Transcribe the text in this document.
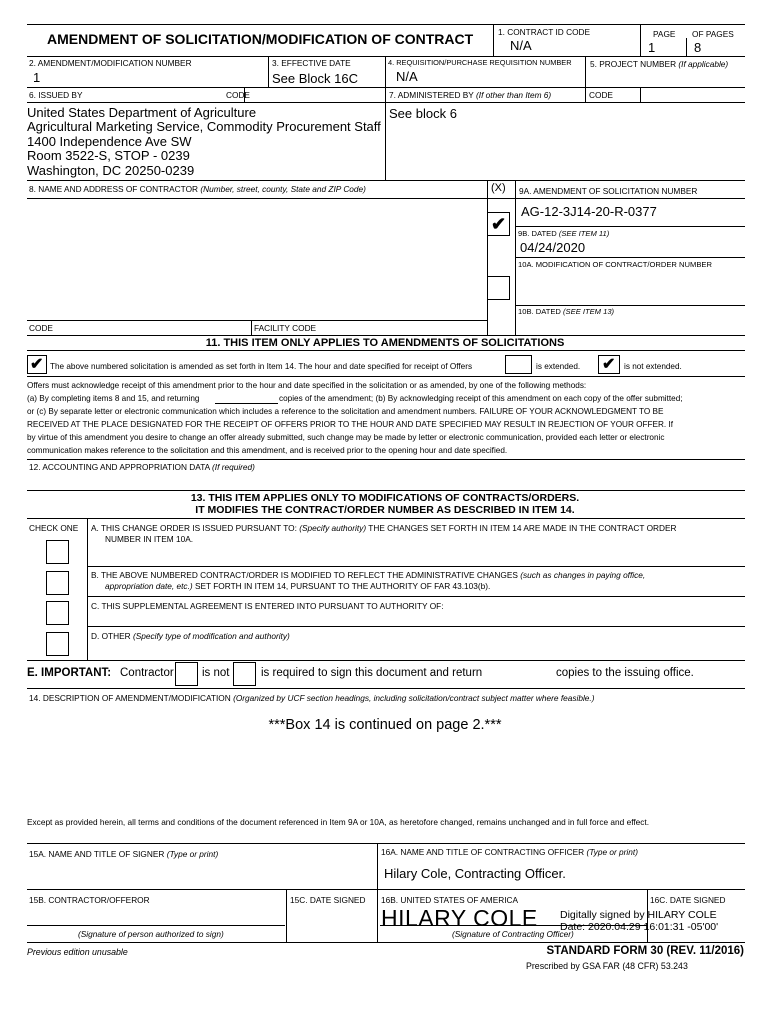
AMENDMENT OF SOLICITATION/MODIFICATION OF CONTRACT	1. CONTRACT ID CODE
N/A
PAGE OF PAGES
1	8
2. AMENDMENT/MODIFICATION NUMBER
1
3. EFFECTIVE DATE
See Block 16C
4. REQUISITION/PURCHASE REQUISITION NUMBER
N/A
5. PROJECT NUMBER (If applicable)
6. ISSUED BY	CODE	7. ADMINISTERED BY (If other than Item 6)	CODE
United States Department of Agriculture
Agricultural Marketing Service, Commodity Procurement Staff
1400 Independence Ave SW
Room 3522-S, STOP - 0239
Washington, DC 20250-0239
See block 6
8. NAME AND ADDRESS OF CONTRACTOR (Number, street, county, State and ZIP Code)	(X) 9A. AMENDMENT OF SOLICITATION NUMBER
AG-12-3J14-20-R-0377
✔ 9B. DATED (SEE ITEM 11)
04/24/2020
10A. MODIFICATION OF CONTRACT/ORDER NUMBER
10B. DATED (SEE ITEM 13)
CODE	FACILITY CODE
11. THIS ITEM ONLY APPLIES TO AMENDMENTS OF SOLICITATIONS
✔ The above numbered solicitation is amended as set forth in Item 14. The hour and date specified for receipt of Offers	is extended. ✔ is not extended.
Offers must acknowledge receipt of this amendment prior to the hour and date specified in the solicitation or as amended, by one of the following methods:
(a) By completing items 8 and 15, and returning	copies of the amendment; (b) By acknowledging receipt of this amendment on each copy of the offer submitted;
or (c) By separate letter or electronic communication which includes a reference to the solicitation and amendment numbers. FAILURE OF YOUR ACKNOWLEDGMENT TO BE
RECEIVED AT THE PLACE DESIGNATED FOR THE RECEIPT OF OFFERS PRIOR TO THE HOUR AND DATE SPECIFIED MAY RESULT IN REJECTION OF YOUR OFFER. If
by virtue of this amendment you desire to change an offer already submitted, such change may be made by letter or electronic communication, provided each letter or electronic
communication makes reference to the solicitation and this amendment, and is received prior to the opening hour and date specified.
12. ACCOUNTING AND APPROPRIATION DATA (If required)
13. THIS ITEM APPLIES ONLY TO MODIFICATIONS OF CONTRACTS/ORDERS.
IT MODIFIES THE CONTRACT/ORDER NUMBER AS DESCRIBED IN ITEM 14.
CHECK ONE A. THIS CHANGE ORDER IS ISSUED PURSUANT TO: (Specify authority) THE CHANGES SET FORTH IN ITEM 14 ARE MADE IN THE CONTRACT ORDER
NUMBER IN ITEM 10A.
B. THE ABOVE NUMBERED CONTRACT/ORDER IS MODIFIED TO REFLECT THE ADMINISTRATIVE CHANGES (such as changes in paying office,
appropriation date, etc.) SET FORTH IN ITEM 14, PURSUANT TO THE AUTHORITY OF FAR 43.103(b).
C. THIS SUPPLEMENTAL AGREEMENT IS ENTERED INTO PURSUANT TO AUTHORITY OF:
D. OTHER (Specify type of modification and authority)
E. IMPORTANT: Contractor is not	is required to sign this document and return	copies to the issuing office.
14. DESCRIPTION OF AMENDMENT/MODIFICATION (Organized by UCF section headings, including solicitation/contract subject matter where feasible.)
***Box 14 is continued on page 2.***
Except as provided herein, all terms and conditions of the document referenced in Item 9A or 10A, as heretofore changed, remains unchanged and in full force and effect.
15A. NAME AND TITLE OF SIGNER (Type or print)	16A. NAME AND TITLE OF CONTRACTING OFFICER (Type or print)
Hilary Cole, Contracting Officer.
15B. CONTRACTOR/OFFEROR	15C. DATE SIGNED 16B. UNITED STATES OF AMERICA	16C. DATE SIGNED
HILARY COLE Digitally signed by HILARY COLE
Date: 2020.04.29 16:01:31 -05'00'
(Signature of person authorized to sign)	(Signature of Contracting Officer)
Previous edition unusable	STANDARD FORM 30 (REV. 11/2016)
Prescribed by GSA FAR (48 CFR) 53.243
